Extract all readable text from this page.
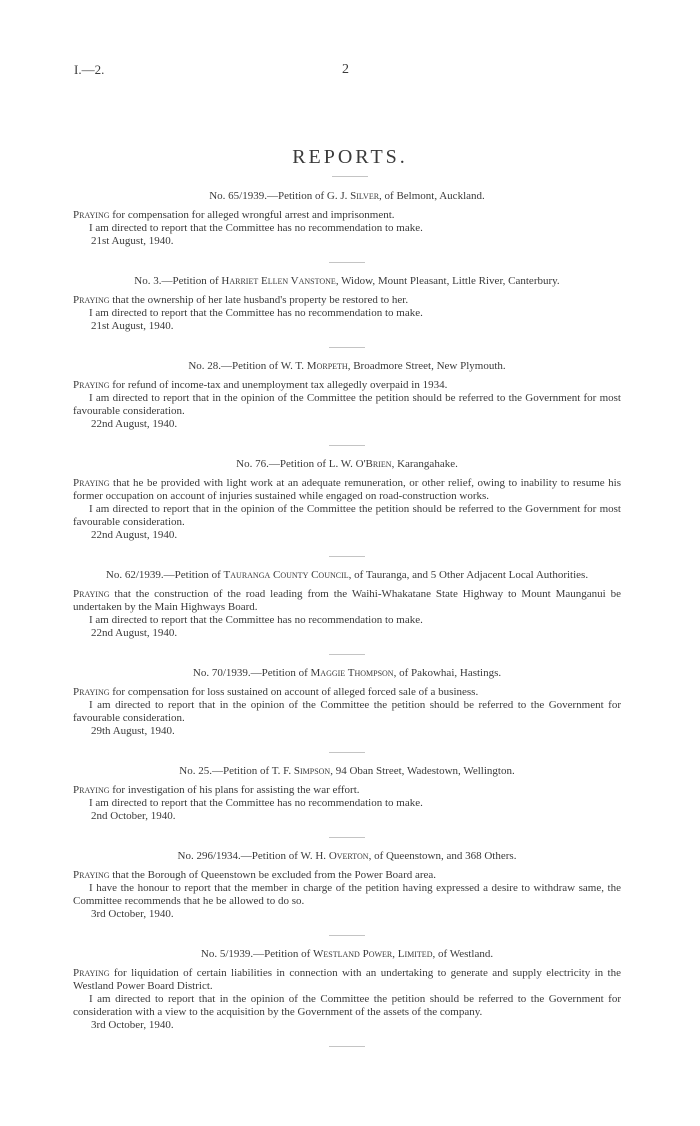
I.—2.	2
REPORTS.
No. 65/1939.—Petition of G. J. Silver, of Belmont, Auckland.
Praying for compensation for alleged wrongful arrest and imprisonment.
I am directed to report that the Committee has no recommendation to make.
21st August, 1940.
No. 3.—Petition of Harriet Ellen Vanstone, Widow, Mount Pleasant, Little River, Canterbury.
Praying that the ownership of her late husband's property be restored to her.
I am directed to report that the Committee has no recommendation to make.
21st August, 1940.
No. 28.—Petition of W. T. Morpeth, Broadmore Street, New Plymouth.
Praying for refund of income-tax and unemployment tax allegedly overpaid in 1934.
I am directed to report that in the opinion of the Committee the petition should be referred to the Government for most favourable consideration.
22nd August, 1940.
No. 76.—Petition of L. W. O'Brien, Karangahake.
Praying that he be provided with light work at an adequate remuneration, or other relief, owing to inability to resume his former occupation on account of injuries sustained while engaged on road-construction works.
I am directed to report that in the opinion of the Committee the petition should be referred to the Government for most favourable consideration.
22nd August, 1940.
No. 62/1939.—Petition of Tauranga County Council, of Tauranga, and 5 Other Adjacent Local Authorities.
Praying that the construction of the road leading from the Waihi-Whakatane State Highway to Mount Maunganui be undertaken by the Main Highways Board.
I am directed to report that the Committee has no recommendation to make.
22nd August, 1940.
No. 70/1939.—Petition of Maggie Thompson, of Pakowhai, Hastings.
Praying for compensation for loss sustained on account of alleged forced sale of a business.
I am directed to report that in the opinion of the Committee the petition should be referred to the Government for favourable consideration.
29th August, 1940.
No. 25.—Petition of T. F. Simpson, 94 Oban Street, Wadestown, Wellington.
Praying for investigation of his plans for assisting the war effort.
I am directed to report that the Committee has no recommendation to make.
2nd October, 1940.
No. 296/1934.—Petition of W. H. Overton, of Queenstown, and 368 Others.
Praying that the Borough of Queenstown be excluded from the Power Board area.
I have the honour to report that the member in charge of the petition having expressed a desire to withdraw same, the Committee recommends that he be allowed to do so.
3rd October, 1940.
No. 5/1939.—Petition of Westland Power, Limited, of Westland.
Praying for liquidation of certain liabilities in connection with an undertaking to generate and supply electricity in the Westland Power Board District.
I am directed to report that in the opinion of the Committee the petition should be referred to the Government for consideration with a view to the acquisition by the Government of the assets of the company.
3rd October, 1940.
